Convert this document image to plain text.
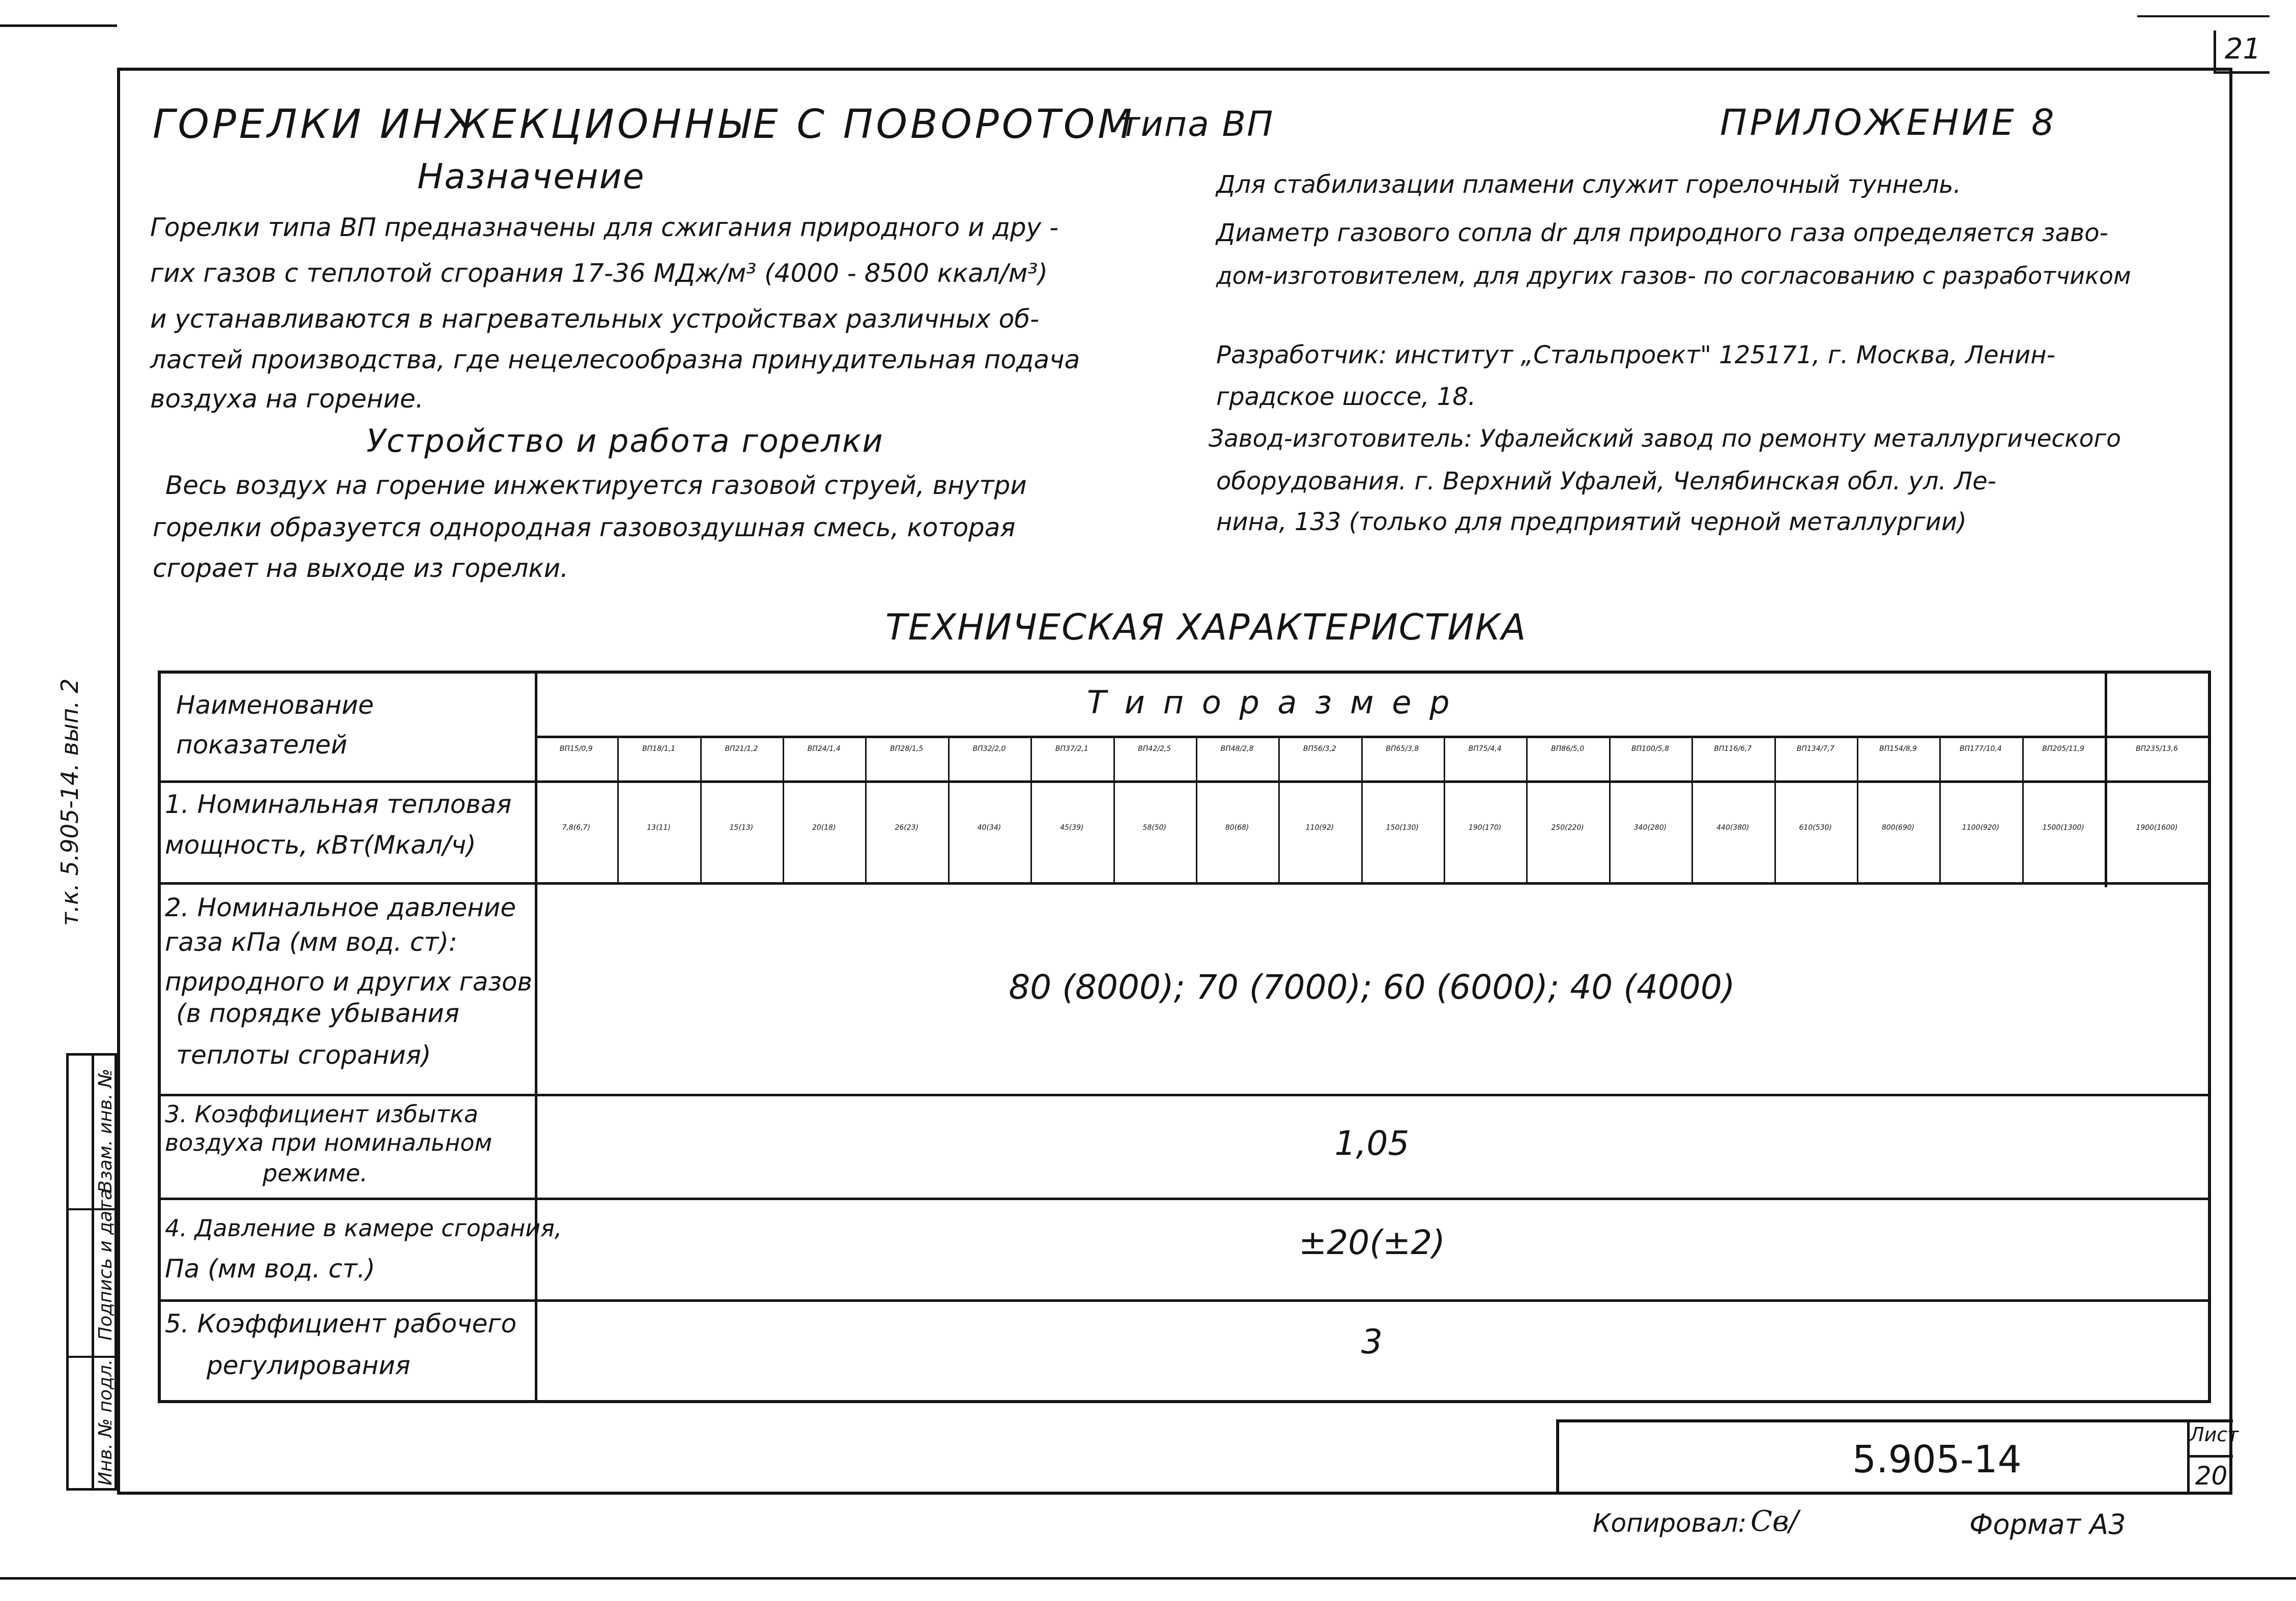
21
ГОРЕЛКИ ИНЖЕКЦИОННЫЕ С ПОВОРОТОМ
типа ВП	ПРИЛОЖЕНИЕ 8
Назначение
Горелки типа ВП предназначены для сжигания природного и дру -
гих газов с теплотой сгорания 17-36 МДж/м³ (4000 - 8500 ккал/м³)
и устанавливаются в нагревательных устройствах различных об-
ластей производства, где нецелесообразна принудительная подача
воздуха на горение.
Устройство и работа горелки
Весь воздух на горение инжектируется газовой струей, внутри
горелки образуется однородная газовоздушная смесь, которая
сгорает на выходе из горелки.
Для стабилизации пламени служит горелочный туннель.
Диаметр газового сопла dr для природного газа определяется заво-
дом-изготовителем, для других газов- по согласованию с разработчиком
Разработчик: институт „Стальпроект" 125171, г. Москва, Ленин-
градское шоссе, 18.
Завод-изготовитель: Уфалейский завод по ремонту металлургического
оборудования. г. Верхний Уфалей, Челябинская обл. ул. Ле-
нина, 133 (только для предприятий черной металлургии)
ТЕХНИЧЕСКАЯ ХАРАКТЕРИСТИКА
т.к. 5.905-14. вып. 2
Инв. № подл.
Подпись и дата
Взам. инв. №
Наименование
показателей
Т и п о р а з м е р
1. Номинальная тепловая
мощность, кВт(Мкал/ч)
2. Номинальное давление
газа кПа (мм вод. ст):
природного и других газов
(в порядке убывания
теплоты сгорания)
80 (8000); 70 (7000); 60 (6000); 40 (4000)
3. Коэффициент избытка
воздуха при номинальном
режиме.
1,05
4. Давление в камере сгорания,
Па (мм вод. ст.)
±20(±2)
5. Коэффициент рабочего
регулирования
3
ВП15/0,9
7,8(6,7)
ВП18/1,1
13(11)
ВП21/1,2
15(13)
ВП24/1,4
20(18)
ВП28/1,5
26(23)
ВП32/2,0
40(34)
ВП37/2,1
45(39)
ВП42/2,5
58(50)
ВП48/2,8
80(68)
ВП56/3,2
110(92)
ВП65/3,8
150(130)
ВП75/4,4
190(170)
ВП86/5,0
250(220)
ВП100/5,8
340(280)
ВП116/6,7
440(380)
ВП134/7,7
610(530)
ВП154/8,9
800(690)
ВП177/10,4
1100(920)
ВП205/11,9
1500(1300)
ВП235/13,6
1900(1600)
5.905-14
Лист
20
Копировал: Св/	Формат А3
